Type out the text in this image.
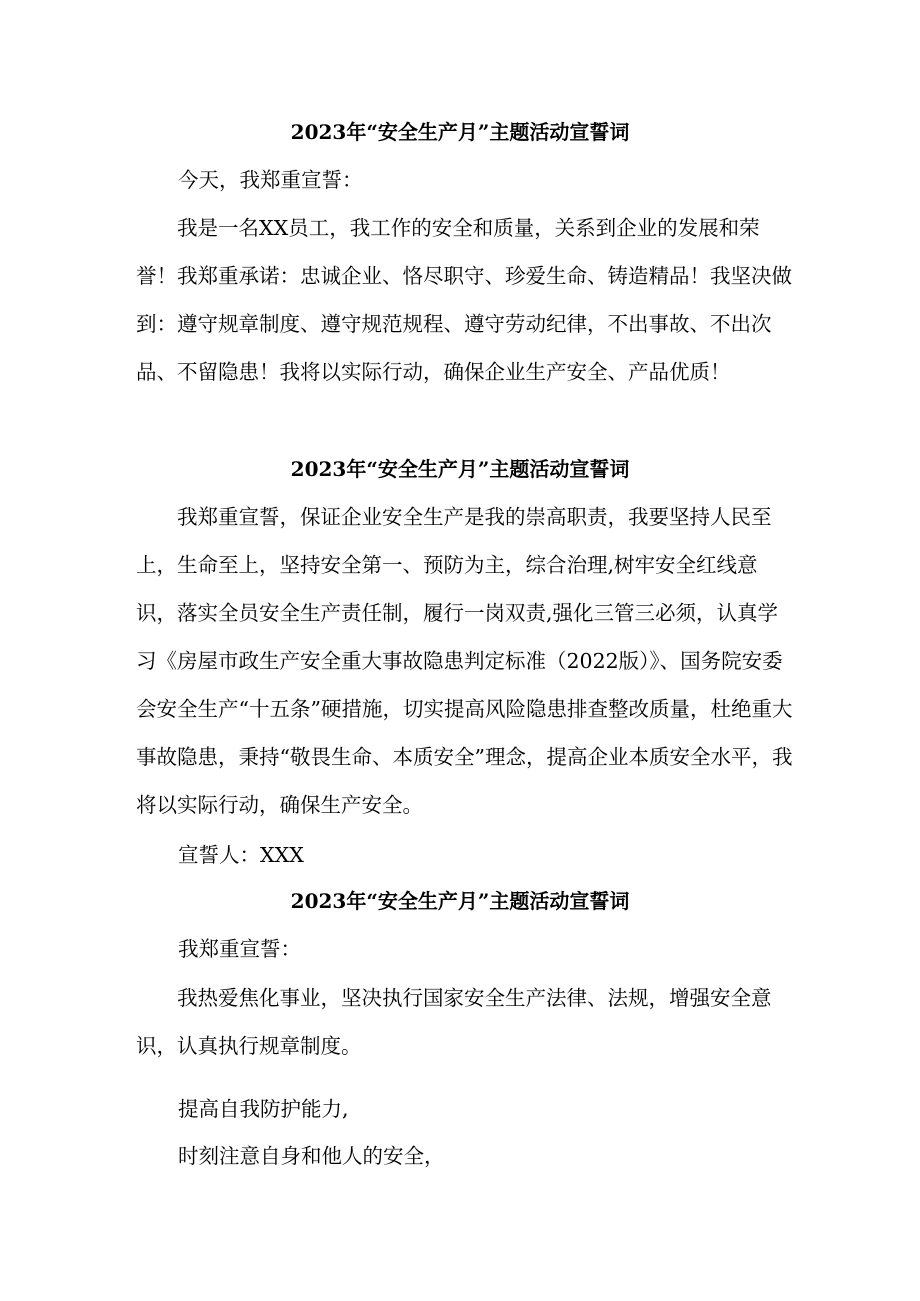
2023年“安全生产月”主题活动宣誓词
今天，我郑重宣誓：
我是一名XX员工，我工作的安全和质量，关系到企业的发展和荣誉！我郑重承诺：忠诚企业、恪尽职守、珍爱生命、铸造精品！我坚决做到：遵守规章制度、遵守规范规程、遵守劳动纪律，不出事故、不出次品、不留隐患！我将以实际行动，确保企业生产安全、产品优质！
2023年“安全生产月”主题活动宣誓词
我郑重宣誓，保证企业安全生产是我的崇高职责，我要坚持人民至上，生命至上，坚持安全第一、预防为主，综合治理,树牢安全红线意识，落实全员安全生产责任制，履行一岗双责,强化三管三必须，认真学习《房屋市政生产安全重大事故隐患判定标准（2022版）》、国务院安委会安全生产“十五条”硬措施，切实提高风险隐患排查整改质量，杜绝重大事故隐患，秉持“敬畏生命、本质安全”理念，提高企业本质安全水平，我将以实际行动，确保生产安全。
宣誓人：XXX
2023年“安全生产月”主题活动宣誓词
我郑重宣誓：
我热爱焦化事业，坚决执行国家安全生产法律、法规，增强安全意识，认真执行规章制度。
提高自我防护能力,
时刻注意自身和他人的安全，
